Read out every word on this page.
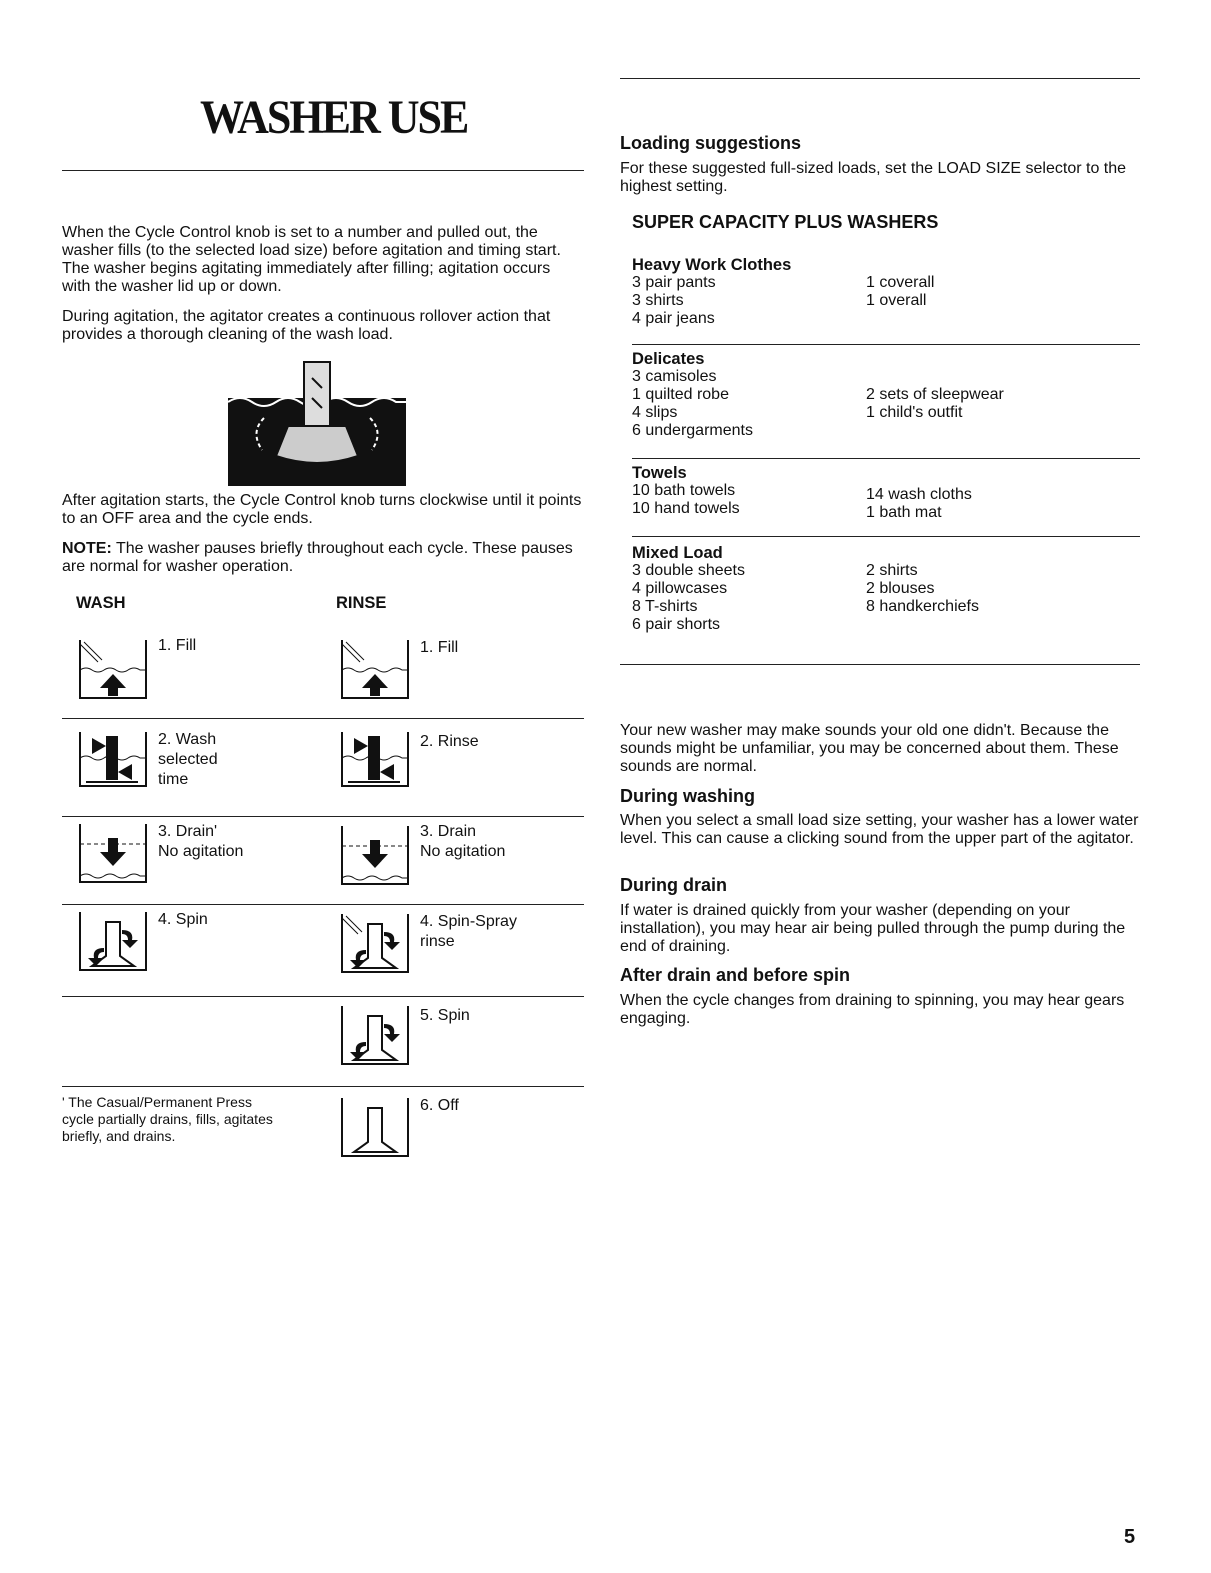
WASHER USE

When the Cycle Control knob is set to a number and pulled out, the washer fills (to the selected load size) before agitation and timing start. The washer begins agitating immediately after filling; agitation occurs with the washer lid up or down.

During agitation, the agitator creates a continuous rollover action that provides a thorough cleaning of the wash load.

After agitation starts, the Cycle Control knob turns clockwise until it points to an OFF area and the cycle ends.

NOTE: The washer pauses briefly throughout each cycle. These pauses are normal for washer operation.

WASH	RINSE
1. Fill
2. Wash
selected
time
3. Drain'
No agitation
4. Spin
1. Fill
2. Rinse
3. Drain
No agitation
4. Spin-Spray
rinse
5. Spin
6. Off

' The Casual/Permanent Press cycle partially drains, fills, agitates briefly, and drains.

Loading suggestions

For these suggested full-sized loads, set the LOAD SIZE selector to the highest setting.

SUPER CAPACITY PLUS WASHERS
Heavy Work Clothes
3 pair pants
3 shirts
4 pair jeans
1 coverall
1 overall
Delicates
3 camisoles
1 quilted robe
4 slips
6 undergarments
2 sets of sleepwear
1 child's outfit
Towels
10 bath towels
10 hand towels
14 wash cloths
1 bath mat
Mixed Load
3 double sheets
4 pillowcases
8 T-shirts
6 pair shorts
2 shirts
2 blouses
8 handkerchiefs

Your new washer may make sounds your old one didn't. Because the sounds might be unfamiliar, you may be concerned about them. These sounds are normal.

During washing

When you select a small load size setting, your washer has a lower water level. This can cause a clicking sound from the upper part of the agitator.

During drain

If water is drained quickly from your washer (depending on your installation), you may hear air being pulled through the pump during the end of draining.

After drain and before spin

When the cycle changes from draining to spinning, you may hear gears engaging.

5
